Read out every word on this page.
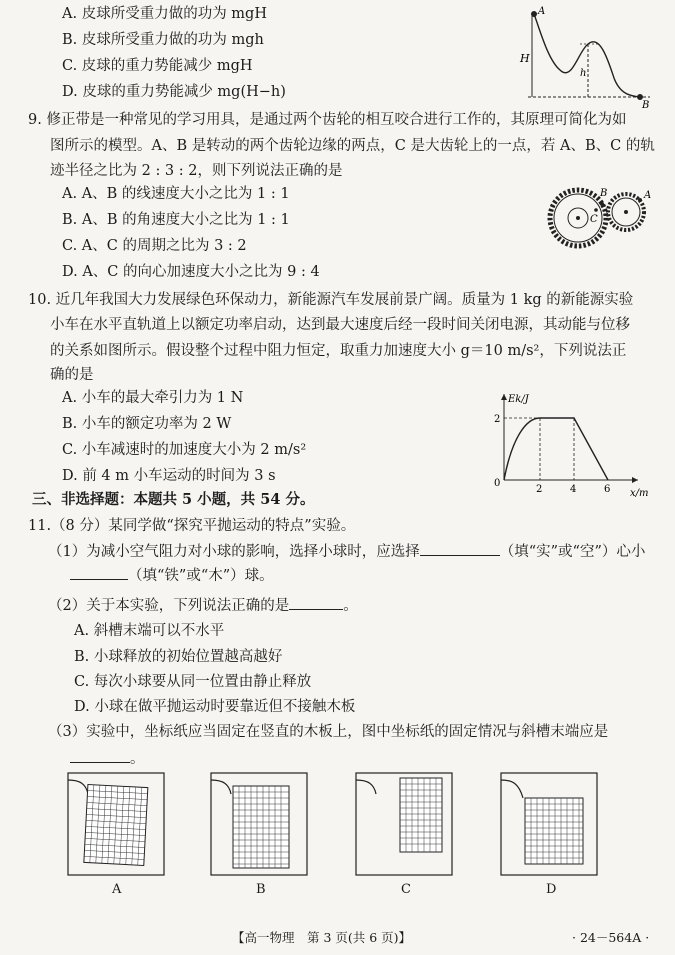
A. 皮球所受重力做的功为 mgH
B. 皮球所受重力做的功为 mgh
C. 皮球的重力势能减少 mgH
D. 皮球的重力势能减少 mg(H−h)
A
B
H
h
9. 修正带是一种常见的学习用具，是通过两个齿轮的相互咬合进行工作的，其原理可简化为如
图所示的模型。A、B 是转动的两个齿轮边缘的两点，C 是大齿轮上的一点，若 A、B、C 的轨
迹半径之比为 2 : 3 : 2，则下列说法正确的是
A. A、B 的线速度大小之比为 1 : 1
B. A、B 的角速度大小之比为 1 : 1
C. A、C 的周期之比为 3 : 2
D. A、C 的向心加速度大小之比为 9 : 4
B
C
A
10. 近几年我国大力发展绿色环保动力，新能源汽车发展前景广阔。质量为 1 kg 的新能源实验
小车在水平直轨道上以额定功率启动，达到最大速度后经一段时间关闭电源，其动能与位移
的关系如图所示。假设整个过程中阻力恒定，取重力加速度大小 g＝10 m/s²，下列说法正
确的是
A. 小车的最大牵引力为 1 N
B. 小车的额定功率为 2 W
C. 小车减速时的加速度大小为 2 m/s²
D. 前 4 m 小车运动的时间为 3 s
Ek/J
x/m
0
2
2	4	6
三、非选择题：本题共 5 小题，共 54 分。
11.（8 分）某同学做“探究平抛运动的特点”实验。
（1）为减小空气阻力对小球的影响，选择小球时，应选择	（填“实”或“空”）心小
（填“铁”或“木”）球。
（2）关于本实验，下列说法正确的是	。
A. 斜槽末端可以不水平
B. 小球释放的初始位置越高越好
C. 每次小球要从同一位置由静止释放
D. 小球在做平抛运动时要靠近但不接触木板
（3）实验中，坐标纸应当固定在竖直的木板上，图中坐标纸的固定情况与斜槽末端应是
。
A	B	C	D
【高一物理　第 3 页(共 6 页)】	· 24－564A ·
